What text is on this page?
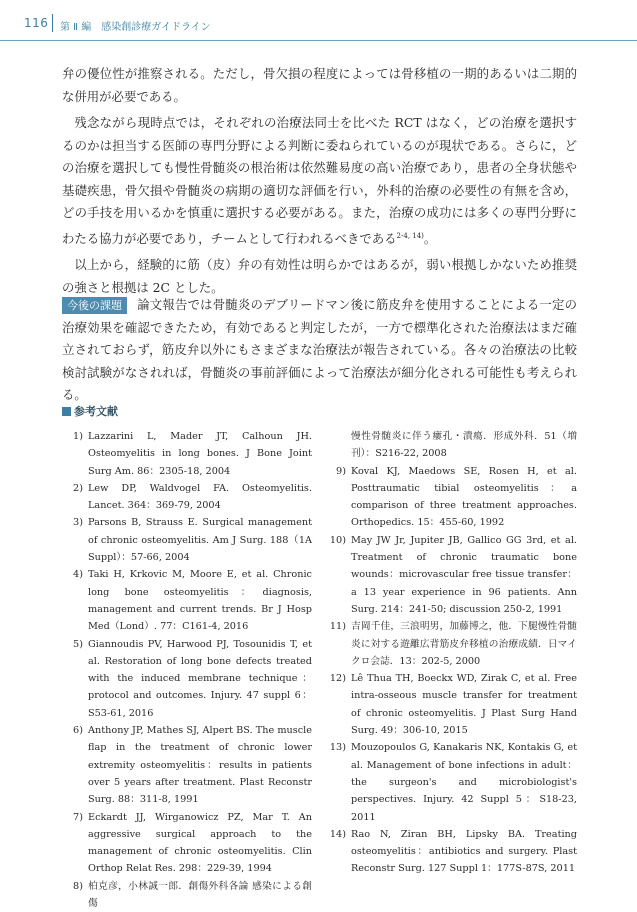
116 第 Ⅱ 編　感染創診療ガイドライン

弁の優位性が推察される。ただし，骨欠損の程度によっては骨移植の一期的あるいは二期的な併用が必要である。

残念ながら現時点では，それぞれの治療法同士を比べた RCT はなく，どの治療を選択するのかは担当する医師の専門分野による判断に委ねられているのが現状である。さらに，どの治療を選択しても慢性骨髄炎の根治術は依然難易度の高い治療であり，患者の全身状態や基礎疾患，骨欠損や骨髄炎の病期の適切な評価を行い，外科的治療の必要性の有無を含め，どの手技を用いるかを慎重に選択する必要がある。また，治療の成功には多くの専門分野にわたる協力が必要であり，チームとして行われるべきである$^{2-4, 14)}$。

以上から，経験的に筋（皮）弁の有効性は明らかではあるが，弱い根拠しかないため推奨の強さと根拠は 2C とした。

今後の課題 論文報告では骨髄炎のデブリードマン後に筋皮弁を使用することによる一定の治療効果を確認できたため，有効であると判定したが，一方で標準化された治療法はまだ確立されておらず，筋皮弁以外にもさまざまな治療法が報告されている。各々の治療法の比較検討試験がなされれば，骨髄炎の事前評価によって治療法が細分化される可能性も考えられる。
参考文献
1) Lazzarini L, Mader JT, Calhoun JH. Osteomyelitis in long bones. J Bone Joint Surg Am. 86：2305-18, 2004
2) Lew DP, Waldvogel FA. Osteomyelitis. Lancet. 364：369-79, 2004
3) Parsons B, Strauss E. Surgical management of chronic osteomyelitis. Am J Surg. 188（1A Suppl）：57-66, 2004
4) Taki H, Krkovic M, Moore E, et al. Chronic long bone osteomyelitis：diagnosis, management and current trends. Br J Hosp Med（Lond）. 77：C161-4, 2016
5) Giannoudis PV, Harwood PJ, Tosounidis T, et al. Restoration of long bone defects treated with the induced membrane technique：protocol and outcomes. Injury. 47 suppl 6：S53-61, 2016
6) Anthony JP, Mathes SJ, Alpert BS. The muscle flap in the treatment of chronic lower extremity osteomyelitis：results in patients over 5 years after treatment. Plast Reconstr Surg. 88：311-8, 1991
7) Eckardt JJ, Wirganowicz PZ, Mar T. An aggressive surgical approach to the management of chronic osteomyelitis. Clin Orthop Relat Res. 298：229-39, 1994
8) 柏克彦，小林誠一郎．創傷外科各論 感染による創傷
慢性骨髄炎に伴う瘻孔・潰瘍．形成外科．51（増刊）：S216-22, 2008
9) Koval KJ, Maedows SE, Rosen H, et al. Posttraumatic tibial osteomyelitis：a comparison of three treatment approaches. Orthopedics. 15：455-60, 1992
10) May JW Jr, Jupiter JB, Gallico GG 3rd, et al. Treatment of chronic traumatic bone wounds：microvascular free tissue transfer：a 13 year experience in 96 patients. Ann Surg. 214：241-50; discussion 250-2, 1991
11) 吉岡千佳，三浪明男，加藤博之，他．下腿慢性骨髄炎に対する遊離広背筋皮弁移植の治療成績．日マイクロ会誌．13：202-5, 2000
12) Lê Thua TH, Boeckx WD, Zirak C, et al. Free intra-osseous muscle transfer for treatment of chronic osteomyelitis. J Plast Surg Hand Surg. 49：306-10, 2015
13) Mouzopoulos G, Kanakaris NK, Kontakis G, et al. Management of bone infections in adult：the surgeon's and microbiologist's perspectives. Injury. 42 Suppl 5：S18-23, 2011
14) Rao N, Ziran BH, Lipsky BA. Treating osteomyelitis：antibiotics and surgery. Plast Reconstr Surg. 127 Suppl 1：177S-87S, 2011
